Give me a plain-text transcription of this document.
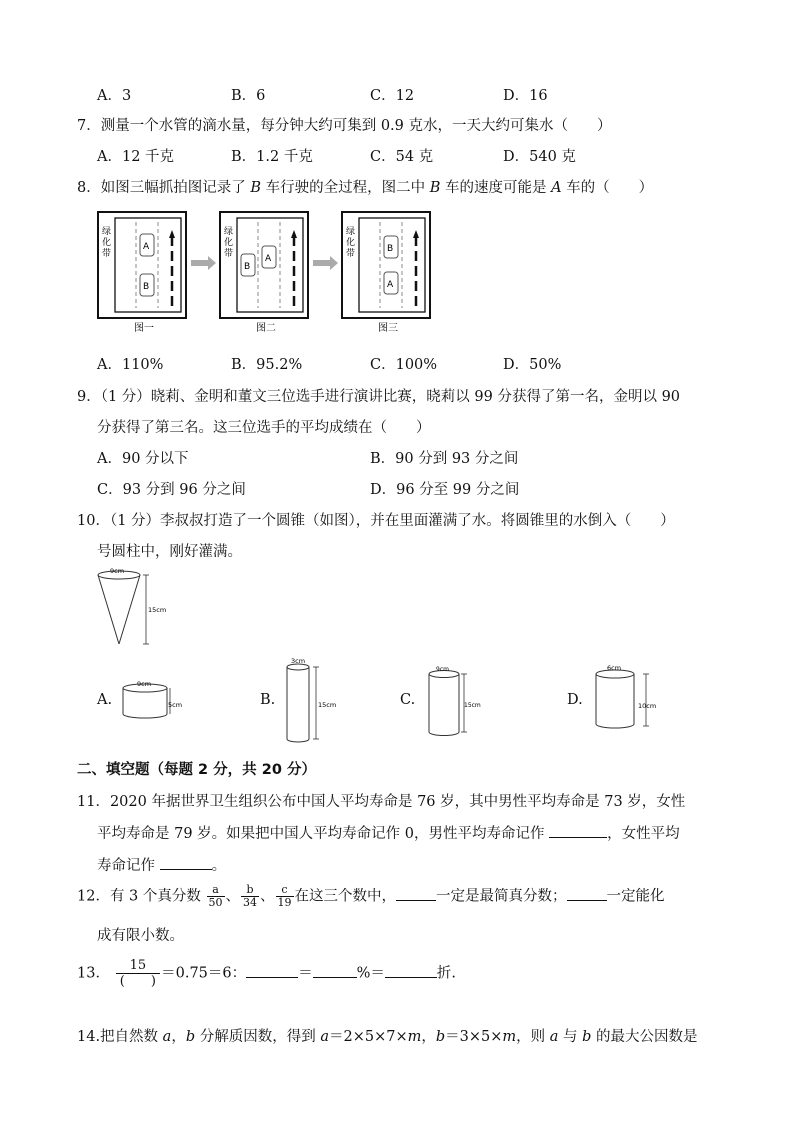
A．3	B．6	C．12	D．16
7．测量一个水管的滴水量，每分钟大约可集到 0.9 克水，一天大约可集水（　　）
A．12 千克	B．1.2 千克	C．54 克	D．540 克
8．如图三幅抓拍图记录了 B 车行驶的全过程，图二中 B 车的速度可能是 A 车的（　　）
绿化带
A
B
图一
绿化带	A
B
图二
绿化带	B
A
图三
A．110%	B．95.2%	C．100%	D．50%
9．（1 分）晓莉、金明和董文三位选手进行演讲比赛，晓莉以 99 分获得了第一名，金明以 90
分获得了第三名。这三位选手的平均成绩在（　　）
A．90 分以下	B．90 分到 93 分之间
C．93 分到 96 分之间	D．96 分至 99 分之间
10．（1 分）李叔叔打造了一个圆锥（如图），并在里面灌满了水。将圆锥里的水倒入（　　）
号圆柱中，刚好灌满。
9cm
15cm
A.
9cm
5cm	B.
3cm
15cm	C.
9cm
15cm	D.
6cm
10cm
二、填空题（每题 2 分，共 20 分）
11．2020 年据世界卫生组织公布中国人平均寿命是 76 岁，其中男性平均寿命是 73 岁，女性
平均寿命是 79 岁。如果把中国人平均寿命记作 0，男性平均寿命记作	，女性平均
寿命记作	。
12．有 3 个真分数 $\frac{a}{50}$ 、 $\frac{b}{34}$ 、 $\frac{c}{19}$ 在这三个数中，	一定是最简真分数；	一定能化
成有限小数。
13． $\frac{15}{( )} =0.75=6$：	＝	%＝	折.
14.把自然数 a，b 分解质因数，得到 a＝2×5×7×m，b＝3×5×m，则 a 与 b 的最大公因数是
